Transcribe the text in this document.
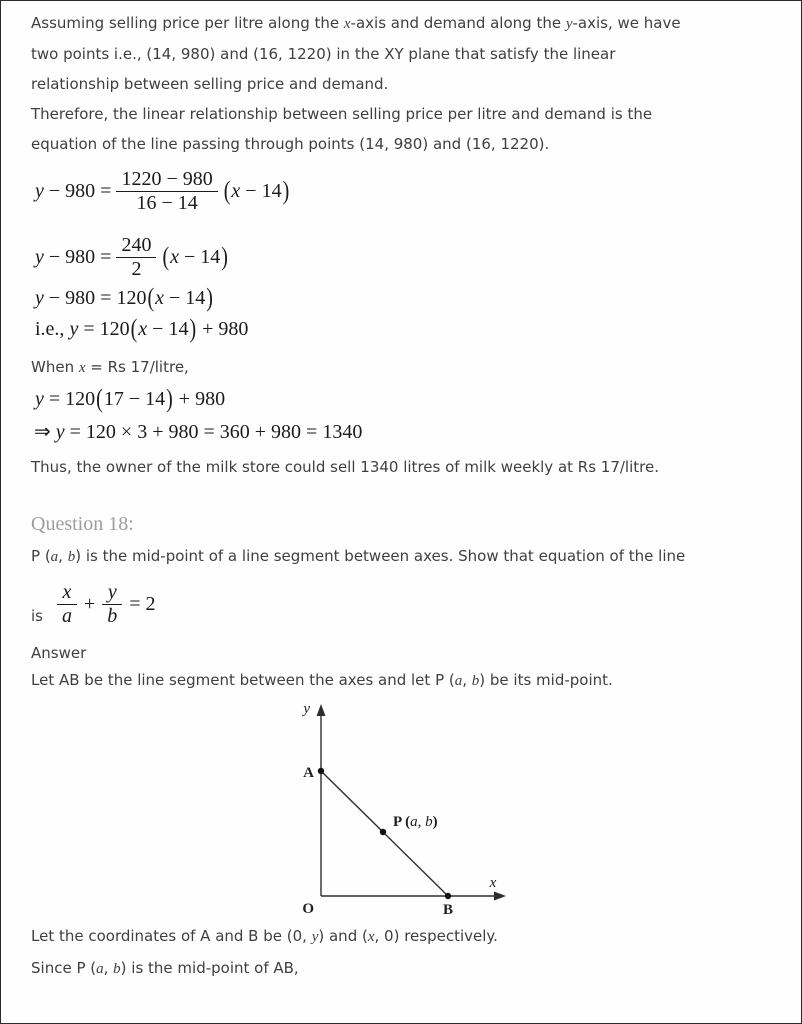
Assuming selling price per litre along the x-axis and demand along the y-axis, we have
two points i.e., (14, 980) and (16, 1220) in the XY plane that satisfy the linear
relationship between selling price and demand.
Therefore, the linear relationship between selling price per litre and demand is the
equation of the line passing through points (14, 980) and (16, 1220).
$y - 980 = \frac{1220 - 980}{16 - 14} (x - 14)$
$y - 980 = \frac{240}{2} (x - 14)$
y − 980 = 120(x − 14)
i.e., y = 120(x − 14) + 980
When x = Rs 17/litre,
y = 120(17 − 14) + 980
⇒ y = 120 × 3 + 980 = 360 + 980 = 1340
Thus, the owner of the milk store could sell 1340 litres of milk weekly at Rs 17/litre.
Question 18:
P (a, b) is the mid-point of a line segment between axes. Show that equation of the line
is $\frac{x}{a} + \frac{y}{b} = 2$
Answer
Let AB be the line segment between the axes and let P (a, b) be its mid-point.
y
x
A
O	B
P (a, b)
Let the coordinates of A and B be (0, y) and (x, 0) respectively.
Since P (a, b) is the mid-point of AB,
